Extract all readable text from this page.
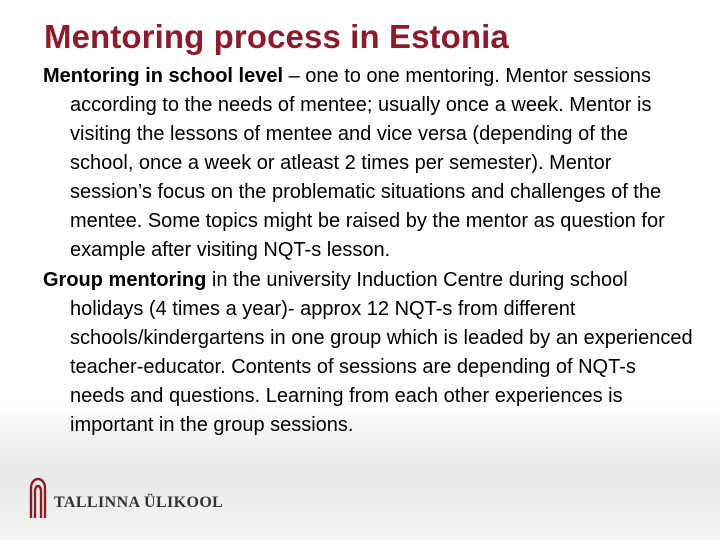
Mentoring process in Estonia

Mentoring in school level – one to one mentoring. Mentor sessions according to the needs of mentee; usually once a week. Mentor is visiting the lessons of mentee and vice versa (depending of the school, once a week or atleast 2 times per semester). Mentor session’s focus on the problematic situations and challenges of the mentee. Some topics might be raised by the mentor as question for example after visiting NQT-s lesson.

Group mentoring in the university Induction Centre during school holidays (4 times a year)- approx 12 NQT-s from different schools/kindergartens in one group which is leaded by an experienced teacher-educator. Contents of sessions are depending of NQT-s needs and questions. Learning from each other experiences is important in the group sessions.

TALLINNA ÜLIKOOL
